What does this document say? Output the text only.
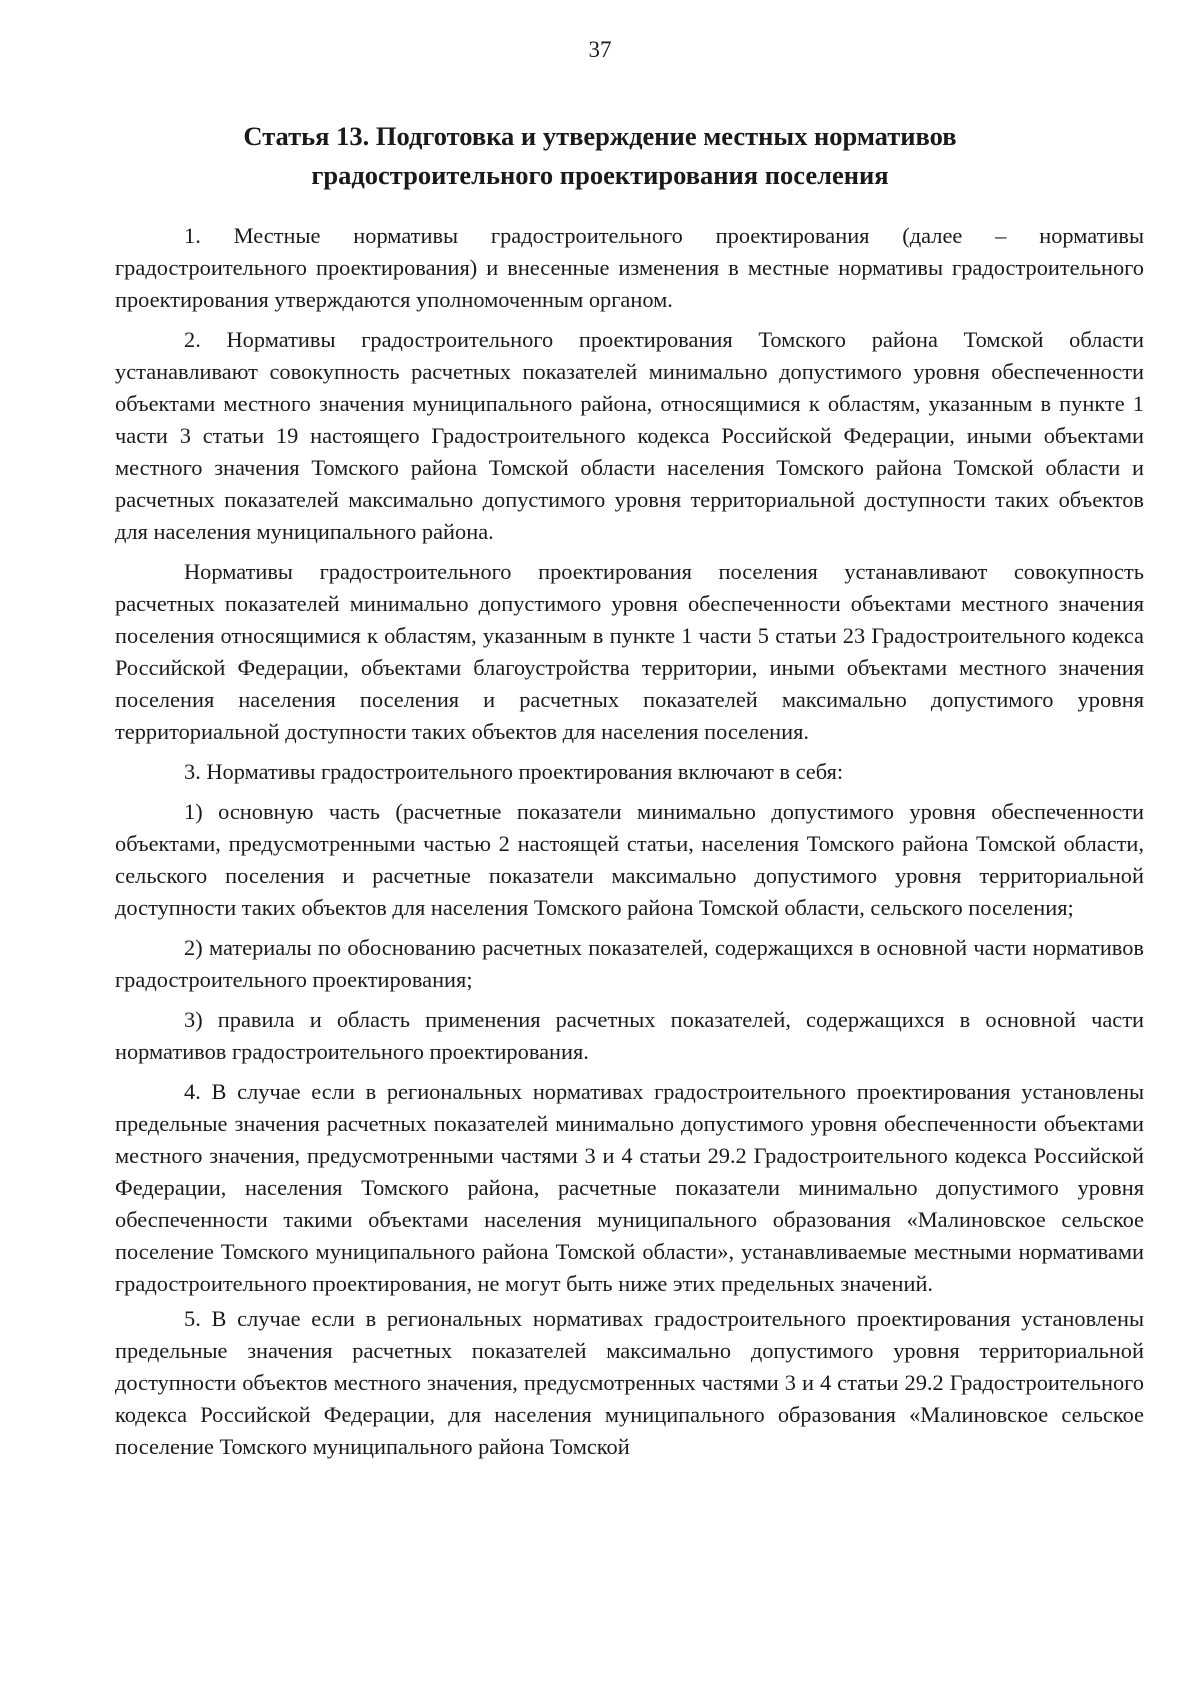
37
Статья 13. Подготовка и утверждение местных нормативов
градостроительного проектирования поселения

1. Местные нормативы градостроительного проектирования (далее – нормативы градостроительного проектирования) и внесенные изменения в местные нормативы градостроительного проектирования утверждаются уполномоченным органом.

2. Нормативы градостроительного проектирования Томского района Томской области устанавливают совокупность расчетных показателей минимально допустимого уровня обеспеченности объектами местного значения муниципального района, относящимися к областям, указанным в пункте 1 части 3 статьи 19 настоящего Градостроительного кодекса Российской Федерации, иными объектами местного значения Томского района Томской области населения Томского района Томской области и расчетных показателей максимально допустимого уровня территориальной доступности таких объектов для населения муниципального района.

Нормативы градостроительного проектирования поселения устанавливают совокупность расчетных показателей минимально допустимого уровня обеспеченности объектами местного значения поселения относящимися к областям, указанным в пункте 1 части 5 статьи 23 Градостроительного кодекса Российской Федерации, объектами благоустройства территории, иными объектами местного значения поселения населения поселения и расчетных показателей максимально допустимого уровня территориальной доступности таких объектов для населения поселения.

3. Нормативы градостроительного проектирования включают в себя:

1) основную часть (расчетные показатели минимально допустимого уровня обеспеченности объектами, предусмотренными частью 2 настоящей статьи, населения Томского района Томской области, сельского поселения и расчетные показатели максимально допустимого уровня территориальной доступности таких объектов для населения Томского района Томской области, сельского поселения;

2) материалы по обоснованию расчетных показателей, содержащихся в основной части нормативов градостроительного проектирования;

3) правила и область применения расчетных показателей, содержащихся в основной части нормативов градостроительного проектирования.

4. В случае если в региональных нормативах градостроительного проектирования установлены предельные значения расчетных показателей минимально допустимого уровня обеспеченности объектами местного значения, предусмотренными частями 3 и 4 статьи 29.2 Градостроительного кодекса Российской Федерации, населения Томского района, расчетные показатели минимально допустимого уровня обеспеченности такими объектами населения муниципального образования «Малиновское сельское поселение Томского муниципального района Томской области», устанавливаемые местными нормативами градостроительного проектирования, не могут быть ниже этих предельных значений.

5. В случае если в региональных нормативах градостроительного проектирования установлены предельные значения расчетных показателей максимально допустимого уровня территориальной доступности объектов местного значения, предусмотренных частями 3 и 4 статьи 29.2 Градостроительного кодекса Российской Федерации, для населения муниципального образования «Малиновское сельское поселение Томского муниципального района Томской
